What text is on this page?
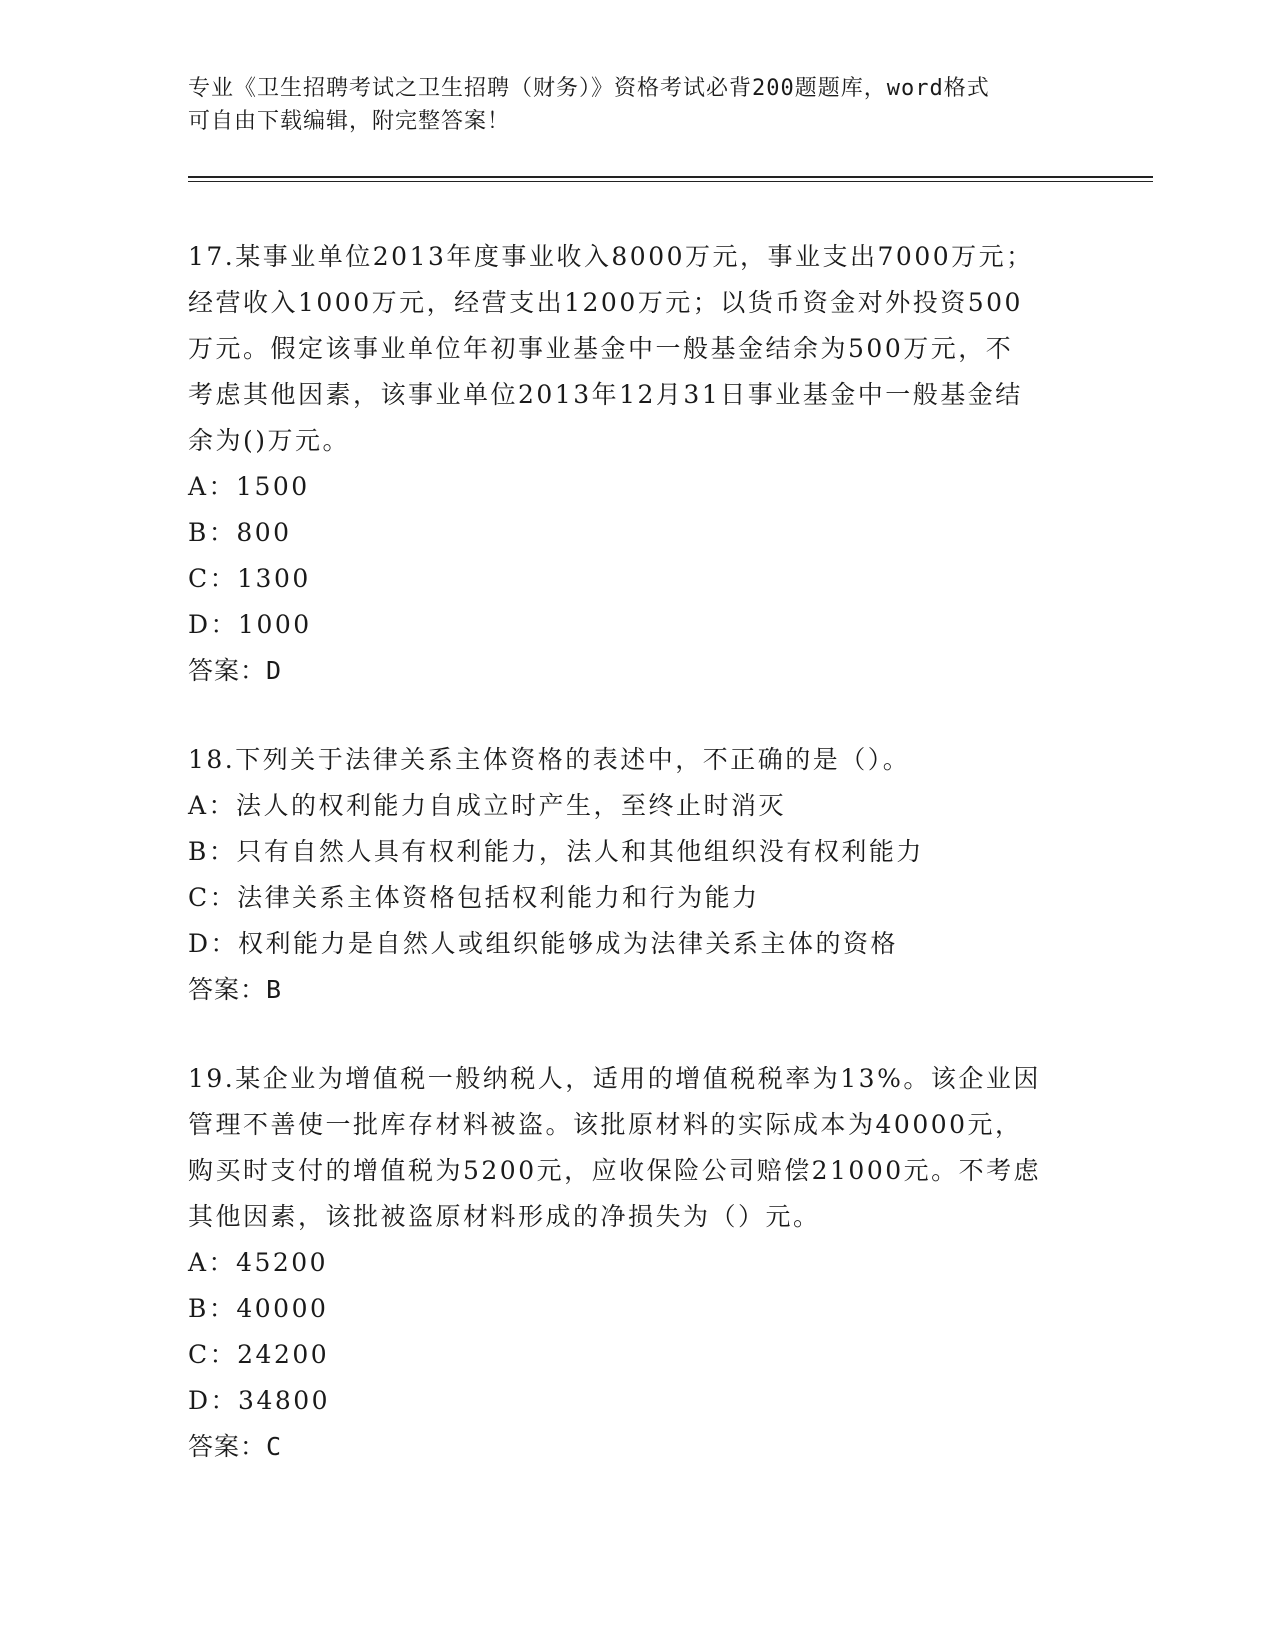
专业《卫生招聘考试之卫生招聘（财务）》资格考试必背200题题库，word格式
可自由下载编辑，附完整答案！

17.某事业单位2013年度事业收入8000万元，事业支出7000万元；

经营收入1000万元，经营支出1200万元；以货币资金对外投资500

万元。假定该事业单位年初事业基金中一般基金结余为500万元，不

考虑其他因素，该事业单位2013年12月31日事业基金中一般基金结

余为()万元。

A：1500

B：800

C：1300

D：1000

答案：D

18.下列关于法律关系主体资格的表述中，不正确的是（）。

A：法人的权利能力自成立时产生，至终止时消灭

B：只有自然人具有权利能力，法人和其他组织没有权利能力

C：法律关系主体资格包括权利能力和行为能力

D：权利能力是自然人或组织能够成为法律关系主体的资格

答案：B

19.某企业为增值税一般纳税人，适用的增值税税率为13%。该企业因

管理不善使一批库存材料被盗。该批原材料的实际成本为40000元，

购买时支付的增值税为5200元，应收保险公司赔偿21000元。不考虑

其他因素，该批被盗原材料形成的净损失为（）元。

A：45200

B：40000

C：24200

D：34800

答案：C
